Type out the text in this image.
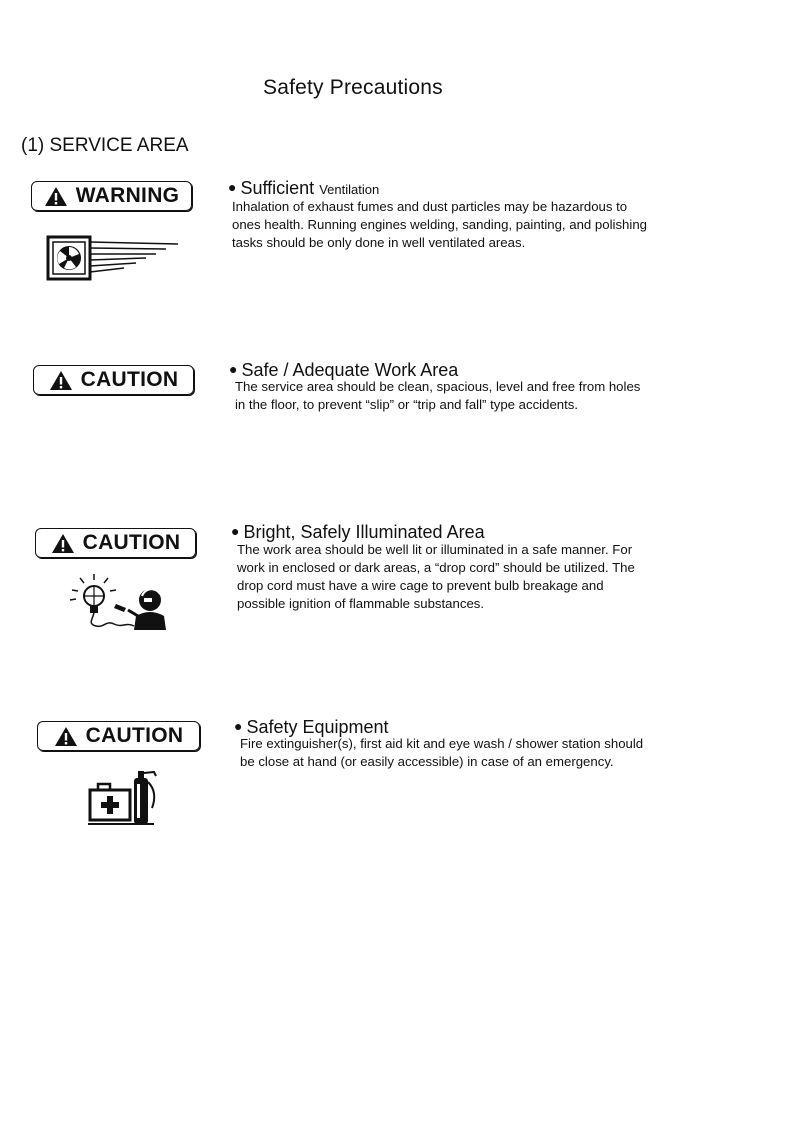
Safety Precautions
(1) SERVICE AREA
WARNING	● Sufficient Ventilation
Inhalation of exhaust fumes and dust particles may be hazardous to
ones health. Running engines welding, sanding, painting, and polishing
tasks should be only done in well ventilated areas.
CAUTION	● Safe / Adequate Work Area
The service area should be clean, spacious, level and free from holes
in the floor, to prevent “slip” or “trip and fall” type accidents.
CAUTION	● Bright, Safely Illuminated Area
The work area should be well lit or illuminated in a safe manner. For
work in enclosed or dark areas, a “drop cord” should be utilized. The
drop cord must have a wire cage to prevent bulb breakage and
possible ignition of flammable substances.
CAUTION	● Safety Equipment
Fire extinguisher(s), first aid kit and eye wash / shower station should
be close at hand (or easily accessible) in case of an emergency.
